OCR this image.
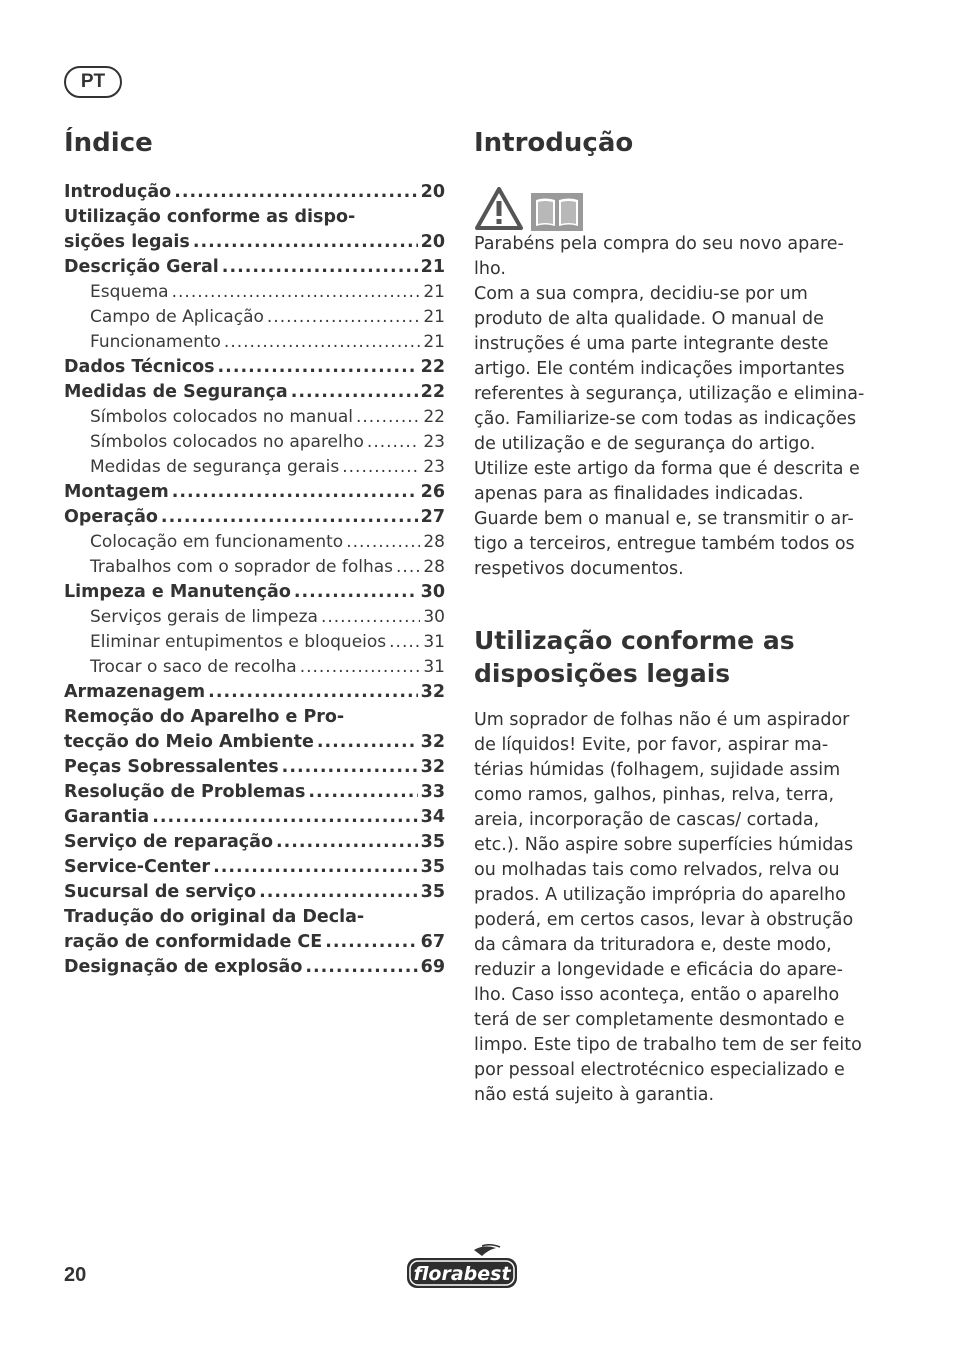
PT
Índice
Introdução .....	20
Utilização conforme as dispo-
sições legais .....	20
Descrição Geral .....	21
Esquema .....	21
Campo de Aplicação .....	21
Funcionamento .....	21
Dados Técnicos .....	22
Medidas de Segurança .....	22
Símbolos colocados no manual .....	22
Símbolos colocados no aparelho .....	23
Medidas de segurança gerais .....	23
Montagem .....	26
Operação .....	27
Colocação em funcionamento .....	28
Trabalhos com o soprador de folhas ..... 28
Limpeza e Manutenção .....	30
Serviços gerais de limpeza .....	30
Eliminar entupimentos e bloqueios ..... 31
Trocar o saco de recolha .....	31
Armazenagem .....	32
Remoção do Aparelho e Pro-
tecção do Meio Ambiente .....	32
Peças Sobressalentes .....	32
Resolução de Problemas .....	33
Garantia .....	34
Serviço de reparação .....	35
Service-Center .....	35
Sucursal de serviço .....	35
Tradução do original da Decla-
ração de conformidade CE .....	67
Designação de explosão .....	69
Introdução

Parabéns pela compra do seu novo apare-
lho.

Com a sua compra, decidiu-se por um
produto de alta qualidade. O manual de
instruções é uma parte integrante deste
artigo. Ele contém indicações importantes
referentes à segurança, utilização e elimina-
ção. Familiarize-se com todas as indicações
de utilização e de segurança do artigo.
Utilize este artigo da forma que é descrita e
apenas para as finalidades indicadas.
Guarde bem o manual e, se transmitir o ar-
tigo a terceiros, entregue também todos os
respetivos documentos.

Utilização conforme as
disposições legais

Um soprador de folhas não é um aspirador
de líquidos! Evite, por favor, aspirar ma-
térias húmidas (folhagem, sujidade assim
como ramos, galhos, pinhas, relva, terra,
areia, incorporação de cascas/ cortada,
etc.). Não aspire sobre superfícies húmidas
ou molhadas tais como relvados, relva ou
prados. A utilização imprópria do aparelho
poderá, em certos casos, levar à obstrução
da câmara da trituradora e, deste modo,
reduzir a longevidade e eficácia do apare-
lho. Caso isso aconteça, então o aparelho
terá de ser completamente desmontado e
limpo. Este tipo de trabalho tem de ser feito
por pessoal electrotécnico especializado e
não está sujeito à garantia.

20	florabest
